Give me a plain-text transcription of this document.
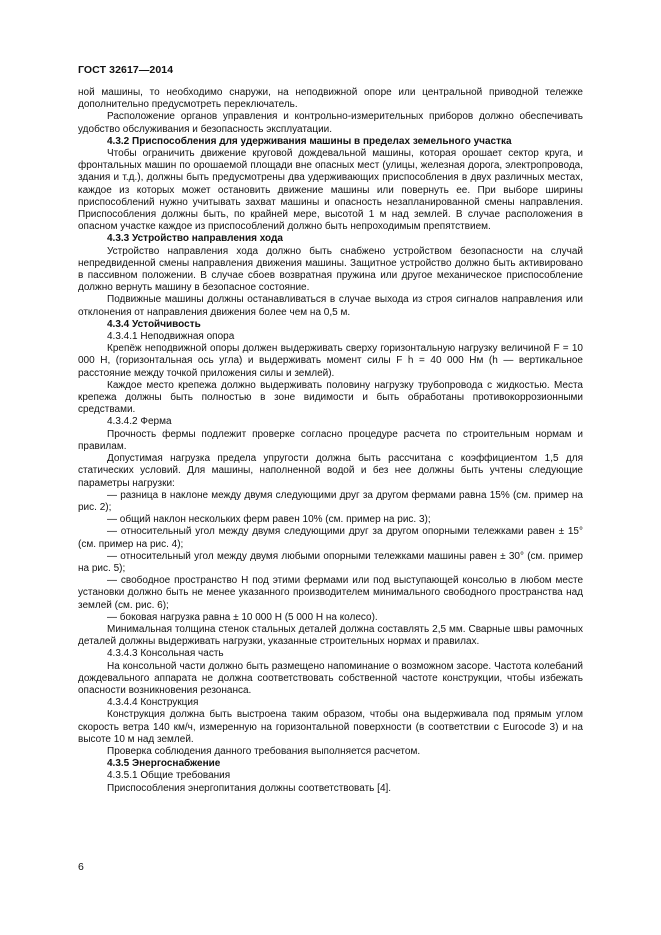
ГОСТ 32617—2014

ной машины, то необходимо снаружи, на неподвижной опоре или центральной приводной тележке дополнительно предусмотреть переключатель.

Расположение органов управления и контрольно-измерительных приборов должно обеспечивать удобство обслуживания и безопасность эксплуатации.

4.3.2 Приспособления для удерживания машины в пределах земельного участка

Чтобы ограничить движение круговой дождевальной машины, которая орошает сектор круга, и фронтальных машин по орошаемой площади вне опасных мест (улицы, железная дорога, электропровода, здания и т.д.), должны быть предусмотрены два удерживающих приспособления в двух различных местах, каждое из которых может остановить движение машины или повернуть ее. При выборе ширины приспособлений нужно учитывать захват машины и опасность незапланированной смены направления. Приспособления должны быть, по крайней мере, высотой 1 м над землей. В случае расположения в опасном участке каждое из приспособлений должно быть непроходимым препятствием.

4.3.3 Устройство направления хода

Устройство направления хода должно быть снабжено устройством безопасности на случай непредвиденной смены направления движения машины. Защитное устройство должно быть активировано в пассивном положении. В случае сбоев возвратная пружина или другое механическое приспособление должно вернуть машину в безопасное состояние.

Подвижные машины должны останавливаться в случае выхода из строя сигналов направления или отклонения от направления движения более чем на 0,5 м.

4.3.4 Устойчивость
4.3.4.1 Неподвижная опора

Крепёж неподвижной опоры должен выдерживать сверху горизонтальную нагрузку величиной F = 10 000 Н, (горизонтальная ось угла) и выдерживать момент силы F h = 40 000 Нм (h — вертикальное расстояние между точкой приложения силы и землей).

Каждое место крепежа должно выдерживать половину нагрузку трубопровода с жидкостью. Места крепежа должны быть полностью в зоне видимости и быть обработаны противокоррозионными средствами.

4.3.4.2 Ферма

Прочность фермы подлежит проверке согласно процедуре расчета по строительным нормам и правилам.

Допустимая нагрузка предела упругости должна быть рассчитана с коэффициентом 1,5 для статических условий. Для машины, наполненной водой и без нее должны быть учтены следующие параметры нагрузки:

— разница в наклоне между двумя следующими друг за другом фермами равна 15% (см. пример на рис. 2);

— общий наклон нескольких ферм равен 10% (см. пример на рис. 3);

— относительный угол между двумя следующими друг за другом опорными тележками равен ± 15° (см. пример на рис. 4);

— относительный угол между двумя любыми опорными тележками машины равен ± 30° (см. пример на рис. 5);

— свободное пространство H под этими фермами или под выступающей консолью в любом месте установки должно быть не менее указанного производителем минимального свободного пространства над землей (см. рис. 6);

— боковая нагрузка равна ± 10 000 Н (5 000 Н на колесо).

Минимальная толщина стенок стальных деталей должна составлять 2,5 мм. Сварные швы рамочных деталей должны выдерживать нагрузки, указанные строительных нормах и правилах.

4.3.4.3 Консольная часть

На консольной части должно быть размещено напоминание о возможном засоре. Частота колебаний дождевального аппарата не должна соответствовать собственной частоте конструкции, чтобы избежать опасности возникновения резонанса.

4.3.4.4 Конструкция

Конструкция должна быть выстроена таким образом, чтобы она выдерживала под прямым углом скорость ветра 140 км/ч, измеренную на горизонтальной поверхности (в соответствии с Eurocode 3) и на высоте 10 м над землей.

Проверка соблюдения данного требования выполняется расчетом.

4.3.5 Энергоснабжение
4.3.5.1 Общие требования

Приспособления энергопитания должны соответствовать [4].

6
